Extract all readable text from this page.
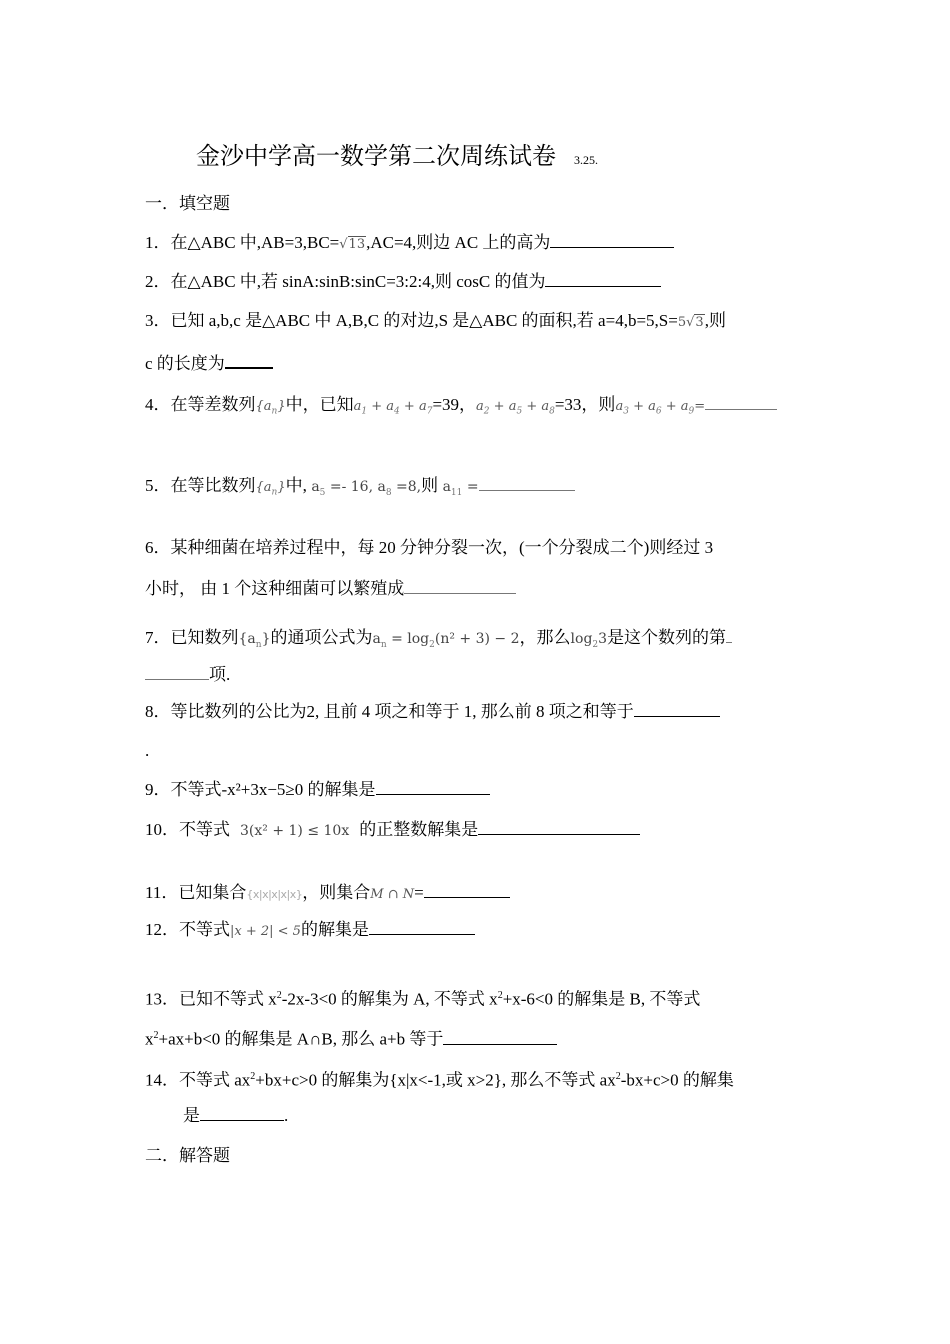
金沙中学高一数学第二次周练试卷 3.25.
一．填空题
1．在△ABC 中,AB=3,BC=√13,AC=4,则边 AC 上的高为
2．在△ABC 中,若 sinA:sinB:sinC=3:2:4,则 cosC 的值为
3．已知 a,b,c 是△ABC 中 A,B,C 的对边,S 是△ABC 的面积,若 a=4,b=5,S=5√3,则
c 的长度为
4．在等差数列$\{a_n\}$中，已知$a_1 + a_4 + a_7=39$，$a_2 + a_5 + a_8=33$，则$a_3 + a_6 + a_9=$
5．在等比数列$\{a_n\}$中, $a_5 =- 16$, $a_8 =8$,则 $a_{11}$ =
6．某种细菌在培养过程中，每 20 分钟分裂一次，(一个分裂成二个)则经过 3
小时， 由 1 个这种细菌可以繁殖成
7．已知数列$\{a_n\}$的通项公式为$a_n = \log_2(n^2 + 3) - 2$，那么$\log_23$是这个数列的第
项.
8．等比数列的公比为2, 且前 4 项之和等于 1, 那么前 8 项之和等于
.
9．不等式-x²+3x−5≥0 的解集是
10．不等式 3(x² + 1) ≤ 10x 的正整数解集是
11．已知集合{x|x|x|x|x}，则集合M ∩ N=
12．不等式|x + 2| < 5的解集是
13．已知不等式 $x^2-2x-3<0$ 的解集为 A, 不等式 $x^2+x-6<0$ 的解集是 B, 不等式
$x^2+ax+b<0$ 的解集是 A∩B, 那么 a+b 等于
14．不等式 $ax^2+bx+c>0$ 的解集为{x|x<-1,或 x>2}, 那么不等式 $ax^2-bx+c>0$ 的解集
是	.
二．解答题
